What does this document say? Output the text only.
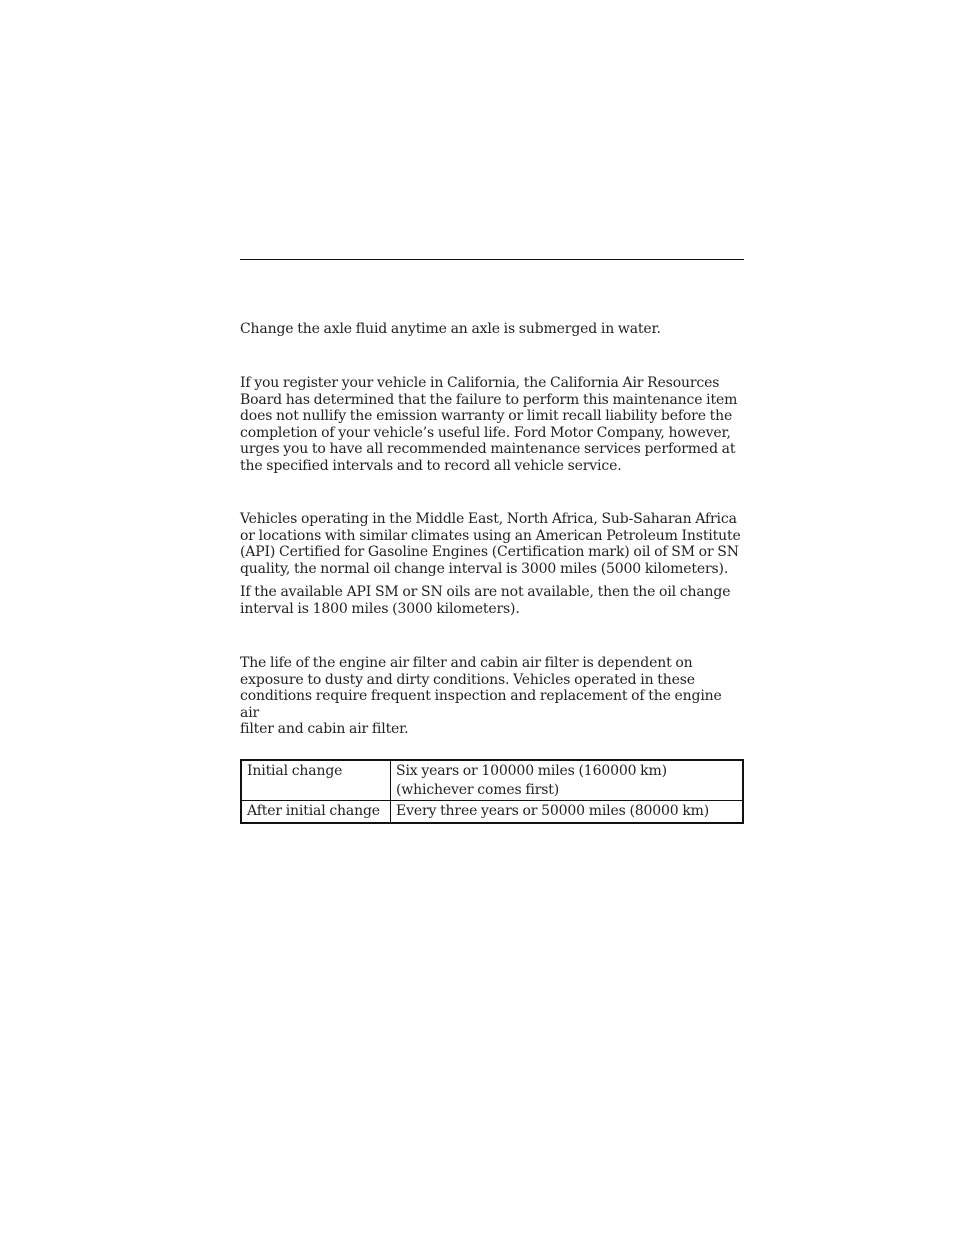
Change the axle fluid anytime an axle is submerged in water.

If you register your vehicle in California, the California Air Resources
Board has determined that the failure to perform this maintenance item
does not nullify the emission warranty or limit recall liability before the
completion of your vehicle’s useful life. Ford Motor Company, however,
urges you to have all recommended maintenance services performed at
the specified intervals and to record all vehicle service.

Vehicles operating in the Middle East, North Africa, Sub-Saharan Africa
or locations with similar climates using an American Petroleum Institute
(API) Certified for Gasoline Engines (Certification mark) oil of SM or SN
quality, the normal oil change interval is 3000 miles (5000 kilometers).

If the available API SM or SN oils are not available, then the oil change
interval is 1800 miles (3000 kilometers).

The life of the engine air filter and cabin air filter is dependent on
exposure to dusty and dirty conditions. Vehicles operated in these
conditions require frequent inspection and replacement of the engine air
filter and cabin air filter.

Initial change	Six years or 100000 miles (160000 km)
(whichever comes first)
After initial change	Every three years or 50000 miles (80000 km)
